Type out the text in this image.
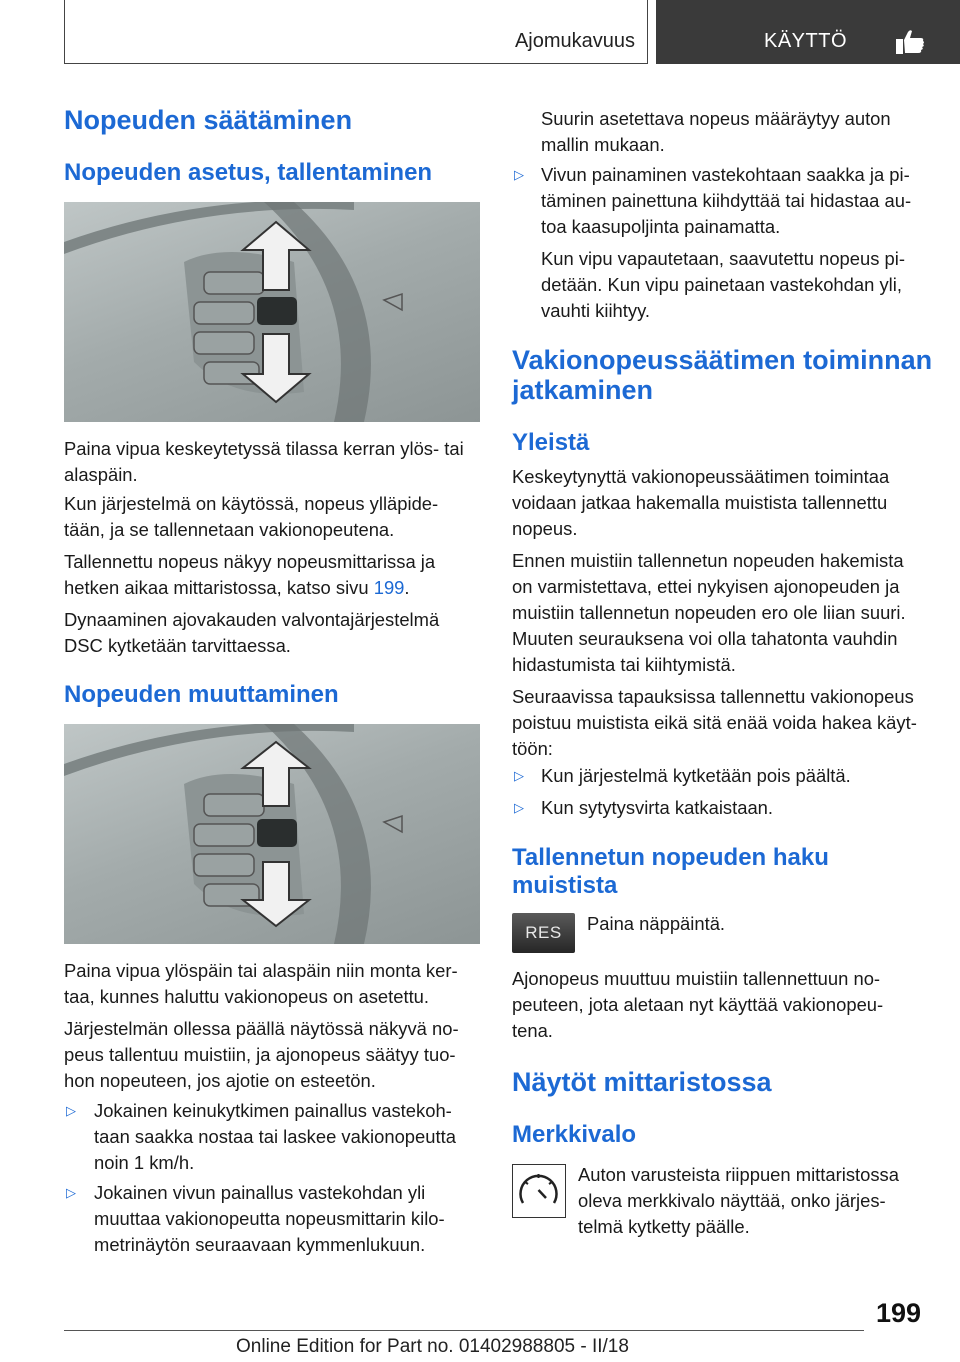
Ajomukavuus	KÄYTTÖ
Nopeuden säätäminen
Nopeuden asetus, tallentaminen

Paina vipua keskeytetyssä tilassa kerran ylös- tai

alaspäin.

Kun järjestelmä on käytössä, nopeus ylläpide‐

tään, ja se tallennetaan vakionopeutena.

Tallennettu nopeus näkyy nopeusmittarissa ja

hetken aikaa mittaristossa, katso sivu 199.

Dynaaminen ajovakauden valvontajärjestelmä

DSC kytketään tarvittaessa.

Nopeuden muuttaminen

Paina vipua ylöspäin tai alaspäin niin monta ker‐

taa, kunnes haluttu vakionopeus on asetettu.

Järjestelmän ollessa päällä näytössä näkyvä no‐

peus tallentuu muistiin, ja ajonopeus säätyy tuo‐

hon nopeuteen, jos ajotie on esteetön.

▷ Jokainen keinukytkimen painallus vastekoh‐

taan saakka nostaa tai laskee vakionopeutta

noin 1 km/h.

▷ Jokainen vivun painallus vastekohdan yli

muuttaa vakionopeutta nopeusmittarin kilo‐

metrinäytön seuraavaan kymmenlukuun.

Suurin asetettava nopeus määräytyy auton

mallin mukaan.

▷ Vivun painaminen vastekohtaan saakka ja pi‐

täminen painettuna kiihdyttää tai hidastaa au‐

toa kaasupoljinta painamatta.

Kun vipu vapautetaan, saavutettu nopeus pi‐

detään. Kun vipu painetaan vastekohdan yli,

vauhti kiihtyy.

Vakionopeussäätimen toiminnan
jatkaminen
Yleistä

Keskeytynyttä vakionopeussäätimen toimintaa

voidaan jatkaa hakemalla muistista tallennettu

nopeus.

Ennen muistiin tallennetun nopeuden hakemista

on varmistettava, ettei nykyisen ajonopeuden ja

muistiin tallennetun nopeuden ero ole liian suuri.

Muuten seurauksena voi olla tahatonta vauhdin

hidastumista tai kiihtymistä.

Seuraavissa tapauksissa tallennettu vakionopeus

poistuu muistista eikä sitä enää voida hakea käyt‐

töön:

▷ Kun järjestelmä kytketään pois päältä.

▷ Kun sytytysvirta katkaistaan.

Tallennetun nopeuden haku
muistista
RES	Paina näppäintä.

Ajonopeus muuttuu muistiin tallennettuun no‐

peuteen, jota aletaan nyt käyttää vakionopeu‐

tena.

Näytöt mittaristossa
Merkkivalo

Auton varusteista riippuen mittaristossa

oleva merkkivalo näyttää, onko järjes‐

telmä kytketty päälle.

199
Online Edition for Part no. 01402988805 - II/18
